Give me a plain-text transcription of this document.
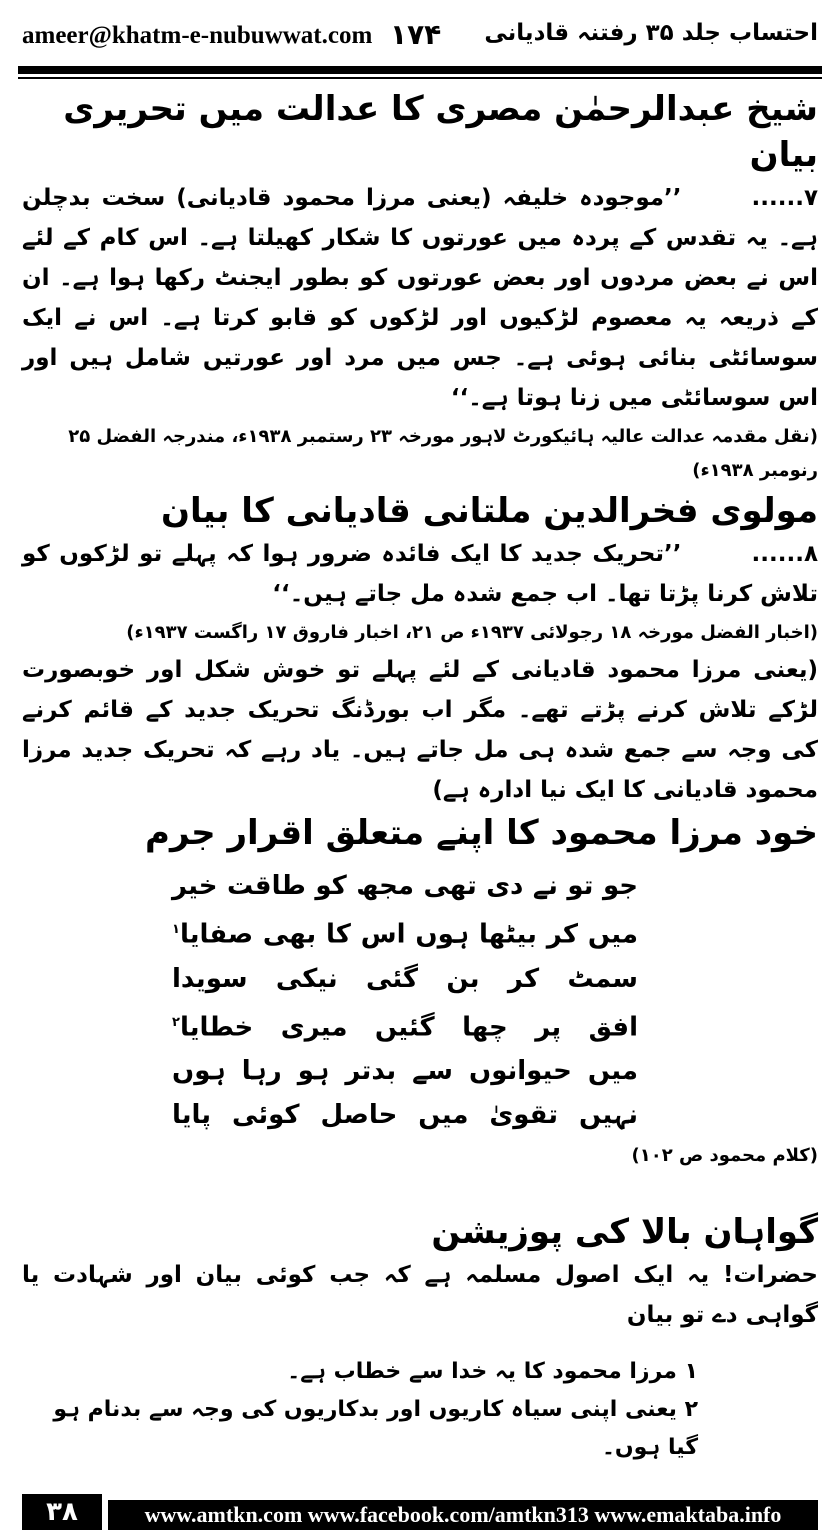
ameer@khatm-e-nubuwwat.com ۱۷۴ احتساب جلد ۳۵ رفتنہ قادیانی
شیخ عبدالرحمٰن مصری کا عدالت میں تحریری بیان

۷......’’موجودہ خلیفہ (یعنی مرزا محمود قادیانی) سخت بدچلن ہے۔ یہ تقدس کے پردہ میں عورتوں کا شکار کھیلتا ہے۔ اس کام کے لئے اس نے بعض مردوں اور بعض عورتوں کو بطور ایجنٹ رکھا ہوا ہے۔ ان کے ذریعہ یہ معصوم لڑکیوں اور لڑکوں کو قابو کرتا ہے۔ اس نے ایک سوسائٹی بنائی ہوئی ہے۔ جس میں مرد اور عورتیں شامل ہیں اور اس سوسائٹی میں زنا ہوتا ہے۔‘‘

(نقل مقدمہ عدالت عالیہ ہائیکورٹ لاہور مورخہ ۲۳ رستمبر ۱۹۳۸ء، مندرجہ الفضل ۲۵ رنومبر ۱۹۳۸ء)

مولوی فخرالدین ملتانی قادیانی کا بیان

۸......’’تحریک جدید کا ایک فائدہ ضرور ہوا کہ پہلے تو لڑکوں کو تلاش کرنا پڑتا تھا۔ اب جمع شدہ مل جاتے ہیں۔‘‘

(اخبار الفضل مورخہ ۱۸ رجولائی ۱۹۳۷ء ص ۲۱، اخبار فاروق ۱۷ راگست ۱۹۳۷ء)

(یعنی مرزا محمود قادیانی کے لئے پہلے تو خوش شکل اور خوبصورت لڑکے تلاش کرنے پڑتے تھے۔ مگر اب بورڈنگ تحریک جدید کے قائم کرنے کی وجہ سے جمع شدہ ہی مل جاتے ہیں۔ یاد رہے کہ تحریک جدید مرزا محمود قادیانی کا ایک نیا ادارہ ہے)

خود مرزا محمود کا اپنے متعلق اقرار جرم
جو تو نے دی تھی مجھ کو طاقت خیر
میں کر بیٹھا ہوں اس کا بھی صفایا$^۱$
سمٹ کر بن گئی نیکی سویدا
افق پر چھا گئیں میری خطایا$^۲$
میں حیوانوں سے بدتر ہو رہا ہوں
نہیں تقویٰ میں حاصل کوئی پایا

(کلام محمود ص ۱۰۲)

گواہان بالا کی پوزیشن

حضرات! یہ ایک اصول مسلمہ ہے کہ جب کوئی بیان اور شہادت یا گواہی دے تو بیان

۱ مرزا محمود کا یہ خدا سے خطاب ہے۔

۲ یعنی اپنی سیاہ کاریوں اور بدکاریوں کی وجہ سے بدنام ہو گیا ہوں۔

۳۸	www.amtkn.com www.facebook.com/amtkn313 www.emaktaba.info
